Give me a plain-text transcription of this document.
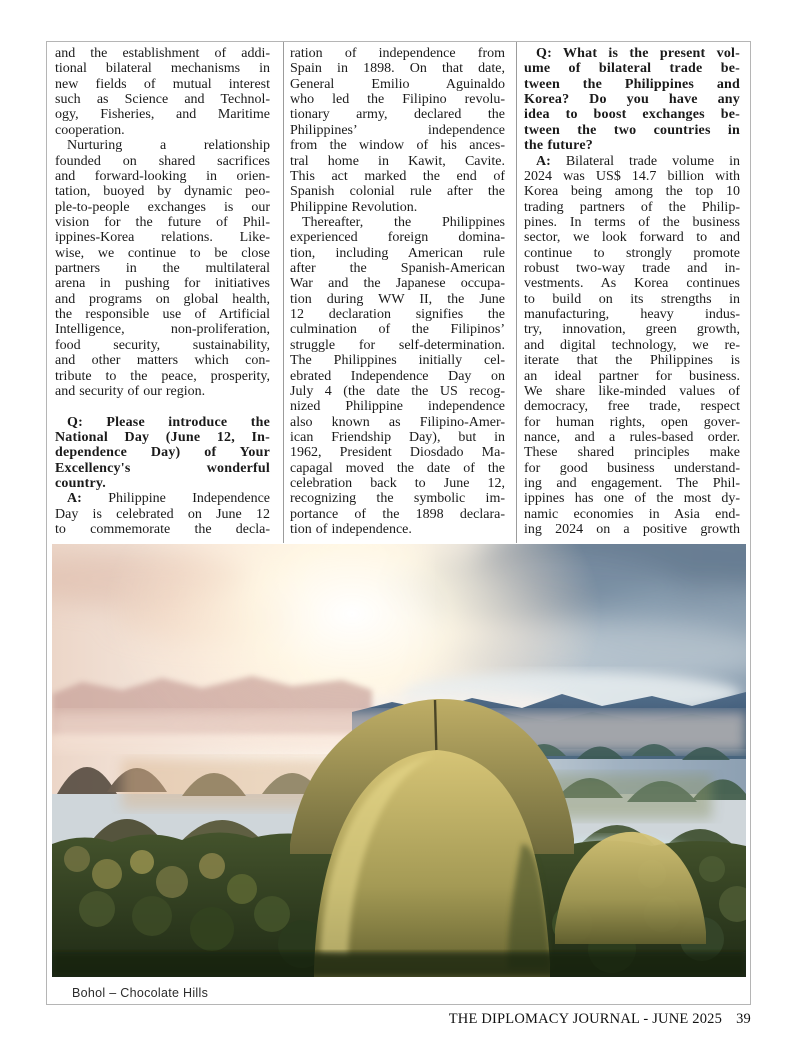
and the establishment of addi-
tional bilateral mechanisms in
new fields of mutual interest
such as Science and Technol-
ogy, Fisheries, and Maritime
cooperation.
Nurturing a relationship
founded on shared sacrifices
and forward-looking in orien-
tation, buoyed by dynamic peo-
ple-to-people exchanges is our
vision for the future of Phil-
ippines-Korea relations. Like-
wise, we continue to be close
partners in the multilateral
arena in pushing for initiatives
and programs on global health,
the responsible use of Artificial
Intelligence, non-proliferation,
food security, sustainability,
and other matters which con-
tribute to the peace, prosperity,
and security of our region.
Q: Please introduce the
National Day (June 12, In-
dependence Day) of Your
Excellency's wonderful
country.
A: Philippine Independence
Day is celebrated on June 12
to commemorate the decla-
ration of independence from
Spain in 1898. On that date,
General Emilio Aguinaldo
who led the Filipino revolu-
tionary army, declared the
Philippines’ independence
from the window of his ances-
tral home in Kawit, Cavite.
This act marked the end of
Spanish colonial rule after the
Philippine Revolution.
Thereafter, the Philippines
experienced foreign domina-
tion, including American rule
after the Spanish-American
War and the Japanese occupa-
tion during WW II, the June
12 declaration signifies the
culmination of the Filipinos’
struggle for self-determination.
The Philippines initially cel-
ebrated Independence Day on
July 4 (the date the US recog-
nized Philippine independence
also known as Filipino-Amer-
ican Friendship Day), but in
1962, President Diosdado Ma-
capagal moved the date of the
celebration back to June 12,
recognizing the symbolic im-
portance of the 1898 declara-
tion of independence.
Q: What is the present vol-
ume of bilateral trade be-
tween the Philippines and
Korea? Do you have any
idea to boost exchanges be-
tween the two countries in
the future?
A: Bilateral trade volume in
2024 was US$ 14.7 billion with
Korea being among the top 10
trading partners of the Philip-
pines. In terms of the business
sector, we look forward to and
continue to strongly promote
robust two-way trade and in-
vestments. As Korea continues
to build on its strengths in
manufacturing, heavy indus-
try, innovation, green growth,
and digital technology, we re-
iterate that the Philippines is
an ideal partner for business.
We share like-minded values of
democracy, free trade, respect
for human rights, open gover-
nance, and a rules-based order.
These shared principles make
for good business understand-
ing and engagement. The Phil-
ippines has one of the most dy-
namic economies in Asia end-
ing 2024 on a positive growth
Bohol – Chocolate Hills
THE DIPLOMACY JOURNAL - JUNE 2025 39
